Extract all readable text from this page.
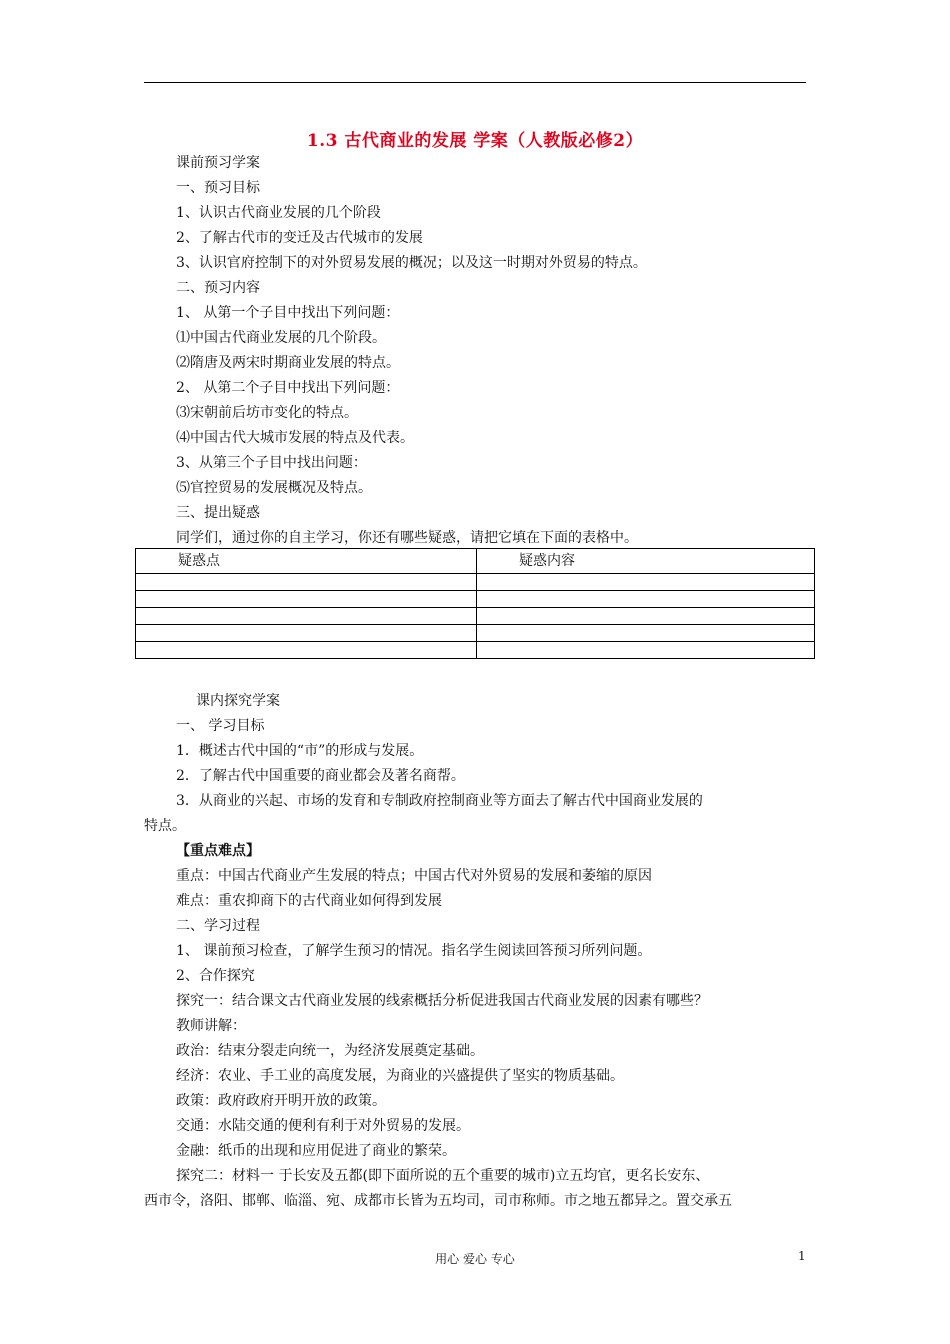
1.3 古代商业的发展 学案（人教版必修2）
课前预习学案
一、预习目标
1、认识古代商业发展的几个阶段
2、了解古代市的变迁及古代城市的发展
3、认识官府控制下的对外贸易发展的概况；以及这一时期对外贸易的特点。
二、预习内容
1、 从第一个子目中找出下列问题：
⑴中国古代商业发展的几个阶段。
⑵隋唐及两宋时期商业发展的特点。
2、 从第二个子目中找出下列问题：
⑶宋朝前后坊市变化的特点。
⑷中国古代大城市发展的特点及代表。
3、从第三个子目中找出问题：
⑸官控贸易的发展概况及特点。
三、提出疑惑
同学们，通过你的自主学习，你还有哪些疑惑，请把它填在下面的表格中。
疑惑点	疑惑内容

课内探究学案
一、 学习目标
1．概述古代中国的“市”的形成与发展。
2．了解古代中国重要的商业都会及著名商帮。
3．从商业的兴起、市场的发育和专制政府控制商业等方面去了解古代中国商业发展的
特点。
【重点难点】
重点：中国古代商业产生发展的特点；中国古代对外贸易的发展和萎缩的原因
难点：重农抑商下的古代商业如何得到发展
二、学习过程
1、 课前预习检查，了解学生预习的情况。指名学生阅读回答预习所列问题。
2、合作探究
探究一：结合课文古代商业发展的线索概括分析促进我国古代商业发展的因素有哪些？
教师讲解：
政治：结束分裂走向统一，为经济发展奠定基础。
经济：农业、手工业的高度发展，为商业的兴盛提供了坚实的物质基础。
政策：政府政府开明开放的政策。
交通：水陆交通的便利有利于对外贸易的发展。
金融：纸币的出现和应用促进了商业的繁荣。
探究二：材料一 于长安及五都(即下面所说的五个重要的城市)立五均官，更名长安东、
西市令，洛阳、邯郸、临淄、宛、成都市长皆为五均司，司市称师。市之地五都异之。置交承五
用心 爱心 专心	1
